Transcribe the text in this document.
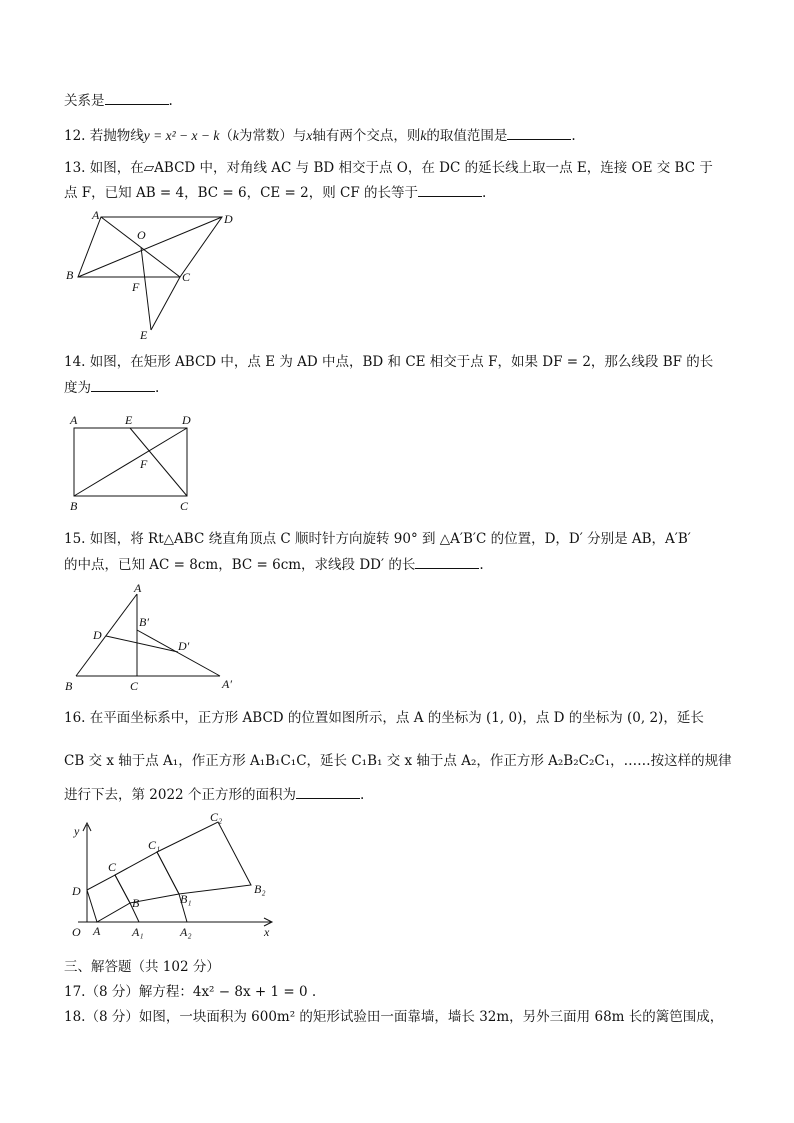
关系是	.
12. 若抛物线y = x² − x − k（k为常数）与x轴有两个交点，则k的取值范围是	.
13. 如图，在▱ABCD 中，对角线 AC 与 BD 相交于点 O，在 DC 的延长线上取一点 E，连接 OE 交 BC 于
点 F，已知 AB = 4，BC = 6，CE = 2，则 CF 的长等于	.
A	D
O
B	C
F
E
14. 如图，在矩形 ABCD 中，点 E 为 AD 中点，BD 和 CE 相交于点 F，如果 DF = 2，那么线段 BF 的长
度为	.
A	E	D
F
B	C
15. 如图，将 Rt△ABC 绕直角顶点 C 顺时针方向旋转 90° 到 △A′B′C 的位置，D，D′ 分别是 AB，A′B′
的中点，已知 AC = 8cm，BC = 6cm，求线段 DD′ 的长	.
A
B′
D
D′
B	C	A′
16. 在平面坐标系中，正方形 ABCD 的位置如图所示，点 A 的坐标为 (1, 0)，点 D 的坐标为 (0, 2)，延长
CB 交 x 轴于点 A₁，作正方形 A₁B₁C₁C，延长 C₁B₁ 交 x 轴于点 A₂，作正方形 A₂B₂C₂C₁，……按这样的规律
进行下去，第 2022 个正方形的面积为	.
y
x
O A	A₁	A₂
D
C
B
C₁
B₁
C₂
B₂
三、解答题（共 102 分）
17.（8 分）解方程：4x² − 8x + 1 = 0 .
18.（8 分）如图，一块面积为 600m² 的矩形试验田一面靠墙，墙长 32m，另外三面用 68m 长的篱笆围成，
